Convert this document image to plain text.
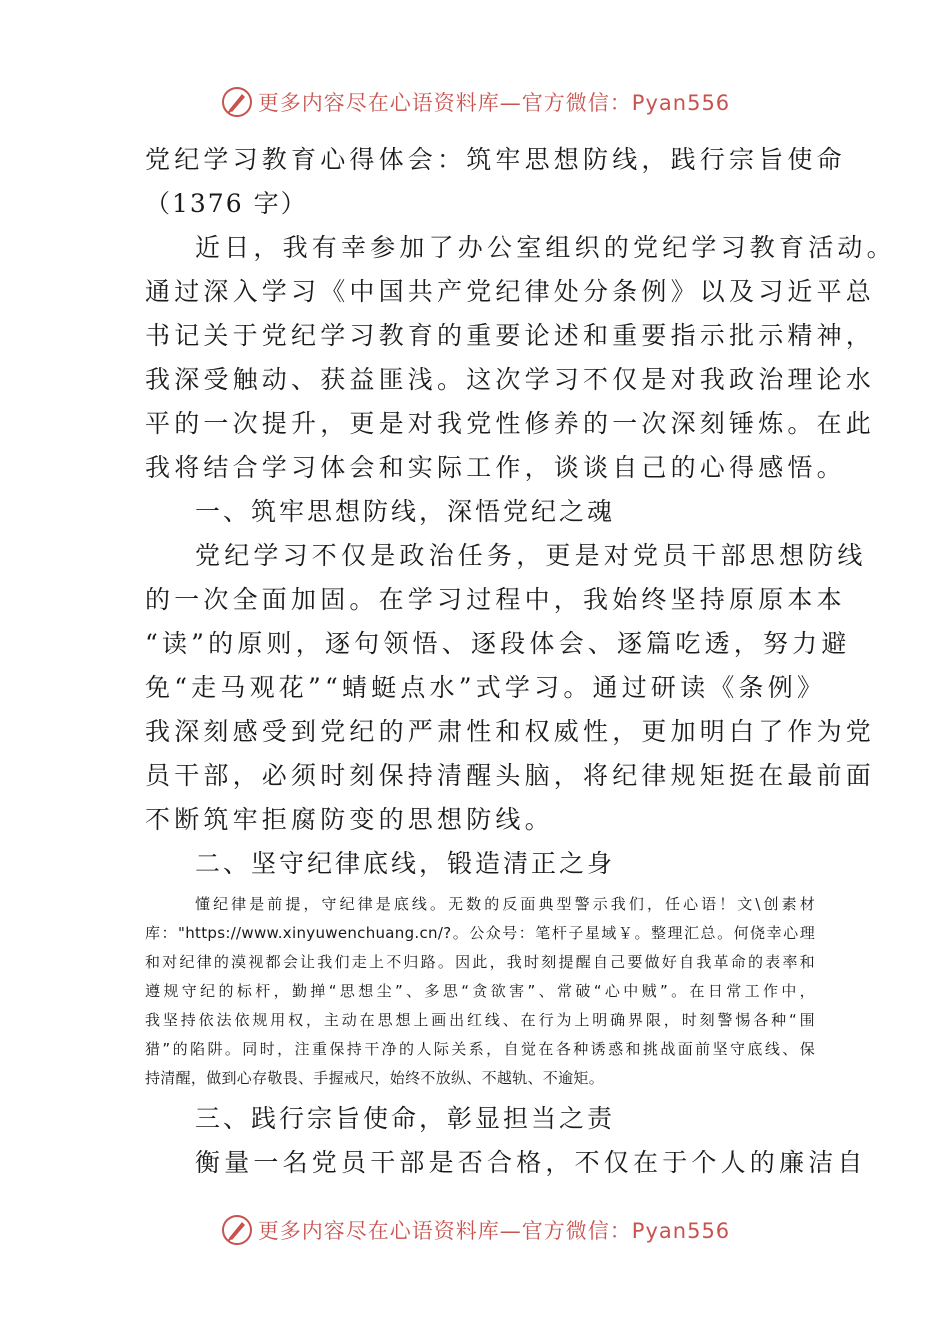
更多内容尽在心语资料库—官方微信：Pyan556
党纪学习教育心得体会：筑牢思想防线，践行宗旨使命
（1376 字）
近日，我有幸参加了办公室组织的党纪学习教育活动。
通过深入学习《中国共产党纪律处分条例》以及习近平总
书记关于党纪学习教育的重要论述和重要指示批示精神，
我深受触动、获益匪浅。这次学习不仅是对我政治理论水
平的一次提升，更是对我党性修养的一次深刻锤炼。在此
我将结合学习体会和实际工作，谈谈自己的心得感悟。
一、筑牢思想防线，深悟党纪之魂
党纪学习不仅是政治任务，更是对党员干部思想防线
的一次全面加固。在学习过程中，我始终坚持原原本本
“读”的原则，逐句领悟、逐段体会、逐篇吃透，努力避
免“走马观花”“蜻蜓点水”式学习。通过研读《条例》
我深刻感受到党纪的严肃性和权威性，更加明白了作为党
员干部，必须时刻保持清醒头脑，将纪律规矩挺在最前面
不断筑牢拒腐防变的思想防线。
二、坚守纪律底线，锻造清正之身
懂纪律是前提，守纪律是底线。无数的反面典型警示我们，任心语！文\创素材
库："https://www.xinyuwenchuang.cn/?。公众号：笔杆子星域￥。整理汇总。何侥幸心理
和对纪律的漠视都会让我们走上不归路。因此，我时刻提醒自己要做好自我革命的表率和
遵规守纪的标杆，勤掸“思想尘”、多思“贪欲害”、常破“心中贼”。在日常工作中，
我坚持依法依规用权，主动在思想上画出红线、在行为上明确界限，时刻警惕各种“围
猎”的陷阱。同时，注重保持干净的人际关系，自觉在各种诱惑和挑战面前坚守底线、保
持清醒，做到心存敬畏、手握戒尺，始终不放纵、不越轨、不逾矩。
三、践行宗旨使命，彰显担当之责
衡量一名党员干部是否合格，不仅在于个人的廉洁自
更多内容尽在心语资料库—官方微信：Pyan556
